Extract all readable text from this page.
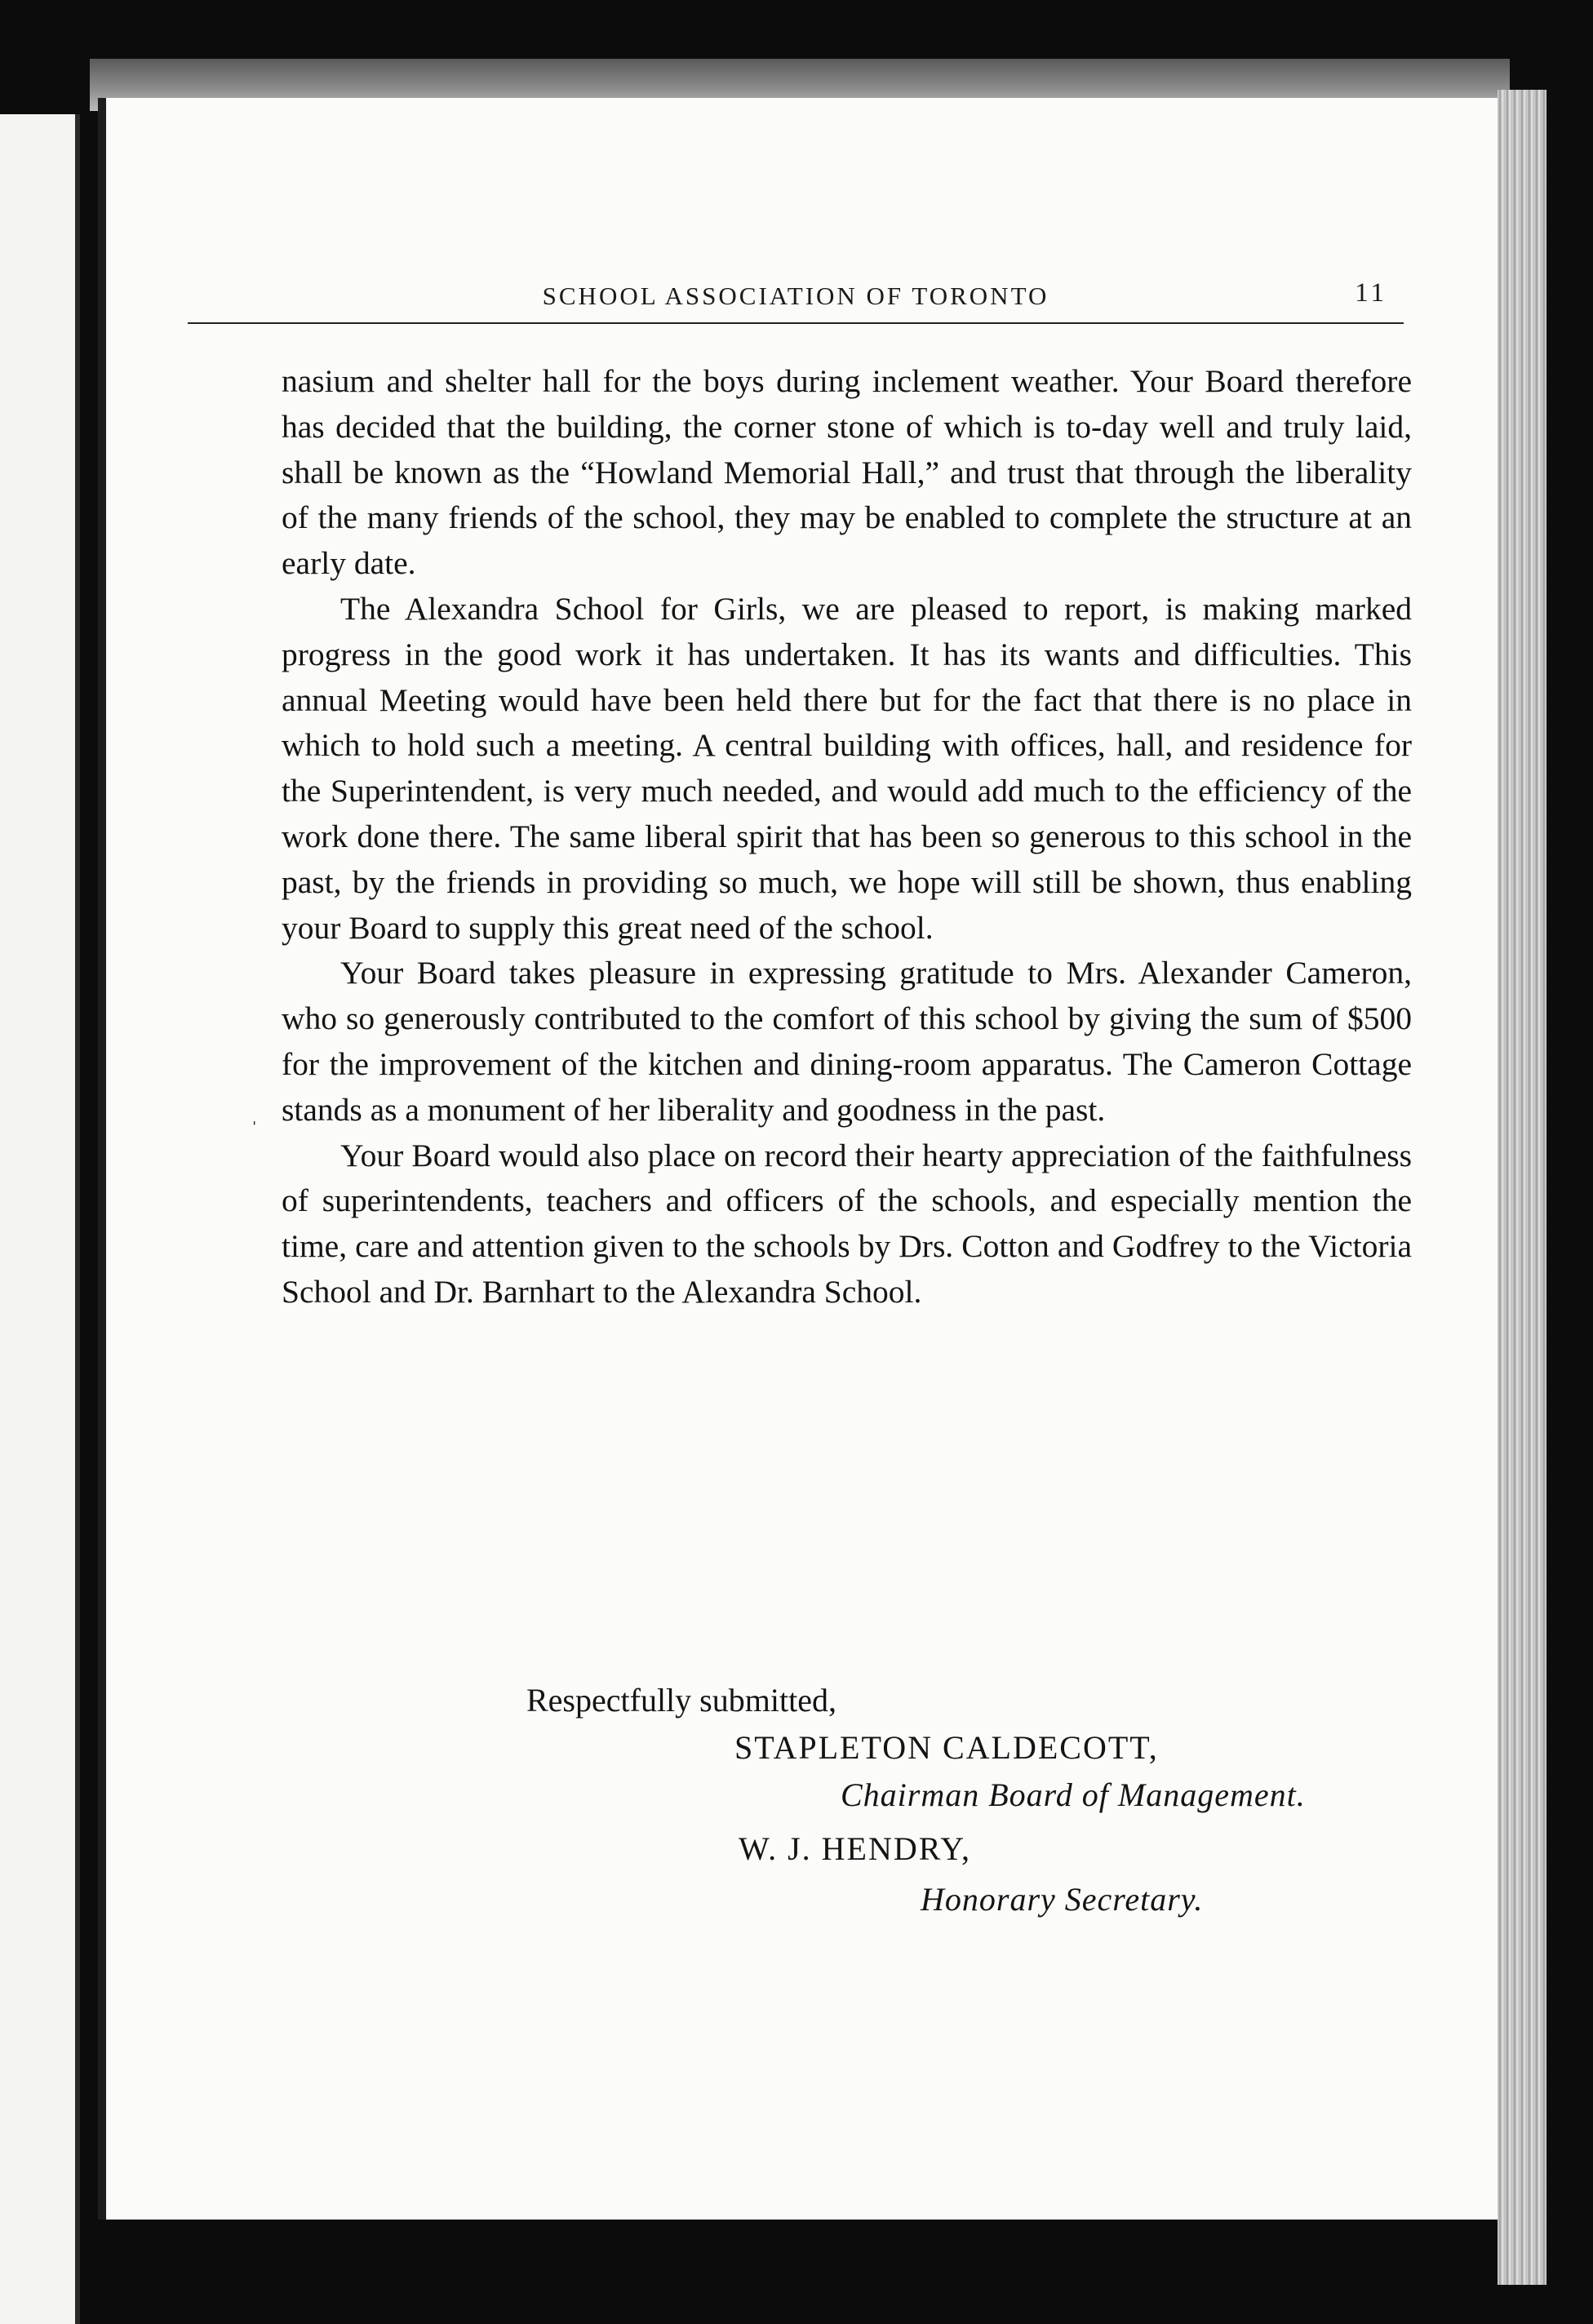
SCHOOL ASSOCIATION OF TORONTO	11
ˈ

nasium and shelter hall for the boys during inclement weather. Your Board therefore has decided that the building, the corner stone of which is to-day well and truly laid, shall be known as the “Howland Memorial Hall,” and trust that through the liberality of the many friends of the school, they may be enabled to complete the structure at an early date.

The Alexandra School for Girls, we are pleased to report, is making marked progress in the good work it has undertaken. It has its wants and difficulties. This annual Meeting would have been held there but for the fact that there is no place in which to hold such a meeting. A central building with offices, hall, and residence for the Superintendent, is very much needed, and would add much to the efficiency of the work done there. The same liberal spirit that has been so generous to this school in the past, by the friends in providing so much, we hope will still be shown, thus enabling your Board to supply this great need of the school.

Your Board takes pleasure in expressing gratitude to Mrs. Alexander Cameron, who so generously contributed to the comfort of this school by giving the sum of $500 for the improvement of the kitchen and dining-room apparatus. The Cameron Cottage stands as a monument of her liberality and goodness in the past.

Your Board would also place on record their hearty appreciation of the faithfulness of superintendents, teachers and officers of the schools, and especially mention the time, care and attention given to the schools by Drs. Cotton and Godfrey to the Victoria School and Dr. Barnhart to the Alexandra School.

Respectfully submitted,
STAPLETON CALDECOTT,
Chairman Board of Management.
W. J. HENDRY,
Honorary Secretary.
